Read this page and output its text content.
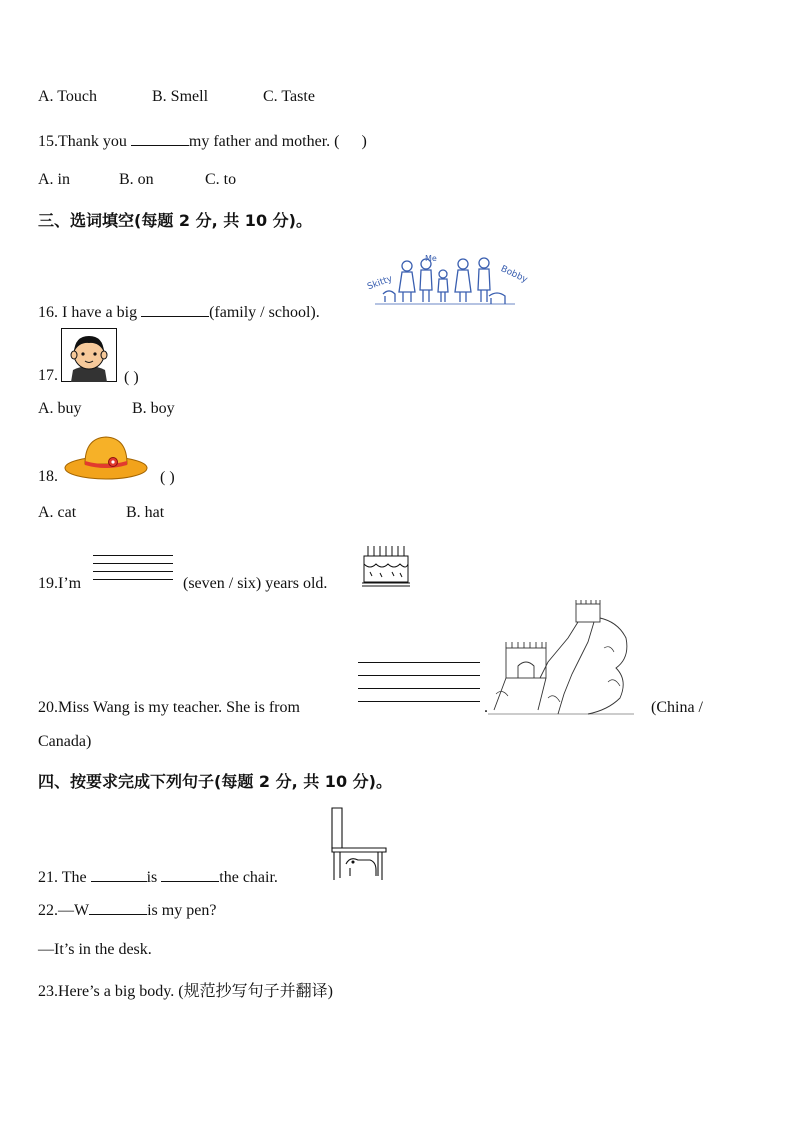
A. Touch	B. Smell	C. Taste
15.Thank you	my father and mother. ( )
A. in	B. on	C. to
三、选词填空(每题 2 分, 共 10 分)。
16. I have a big	(family / school).
Skitty
Me
Bobby
17.	( )
A. buy	B. boy
18.	( )
A. cat	B. hat
19.I’m	(seven / six) years old.
20.Miss Wang is my teacher. She is from	.	(China /
Canada)
四、按要求完成下列句子(每题 2 分, 共 10 分)。
21. The	is	the chair.
22.—W	is my pen?
—It’s in the desk.
23.Here’s a big body. (规范抄写句子并翻译)
